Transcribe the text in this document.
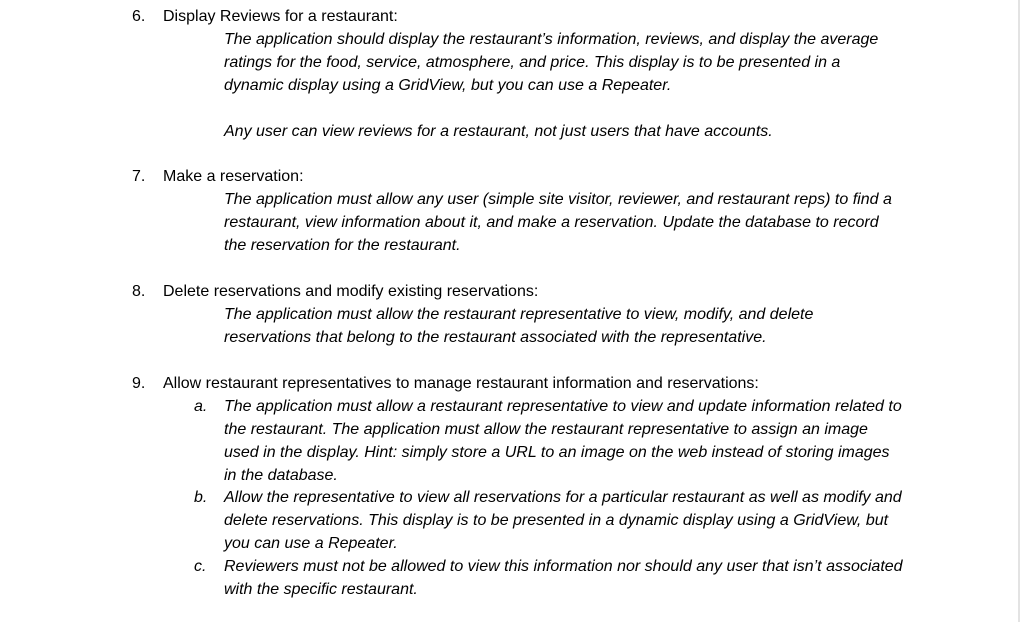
6. Display Reviews for a restaurant:
The application should display the restaurant’s information, reviews, and display the average ratings for the food, service, atmosphere, and price. This display is to be presented in a dynamic display using a GridView, but you can use a Repeater.
Any user can view reviews for a restaurant, not just users that have accounts.
7. Make a reservation:
The application must allow any user (simple site visitor, reviewer, and restaurant reps) to find a restaurant, view information about it, and make a reservation. Update the database to record the reservation for the restaurant.
8. Delete reservations and modify existing reservations:
The application must allow the restaurant representative to view, modify, and delete reservations that belong to the restaurant associated with the representative.
9. Allow restaurant representatives to manage restaurant information and reservations:
a. The application must allow a restaurant representative to view and update information related to the restaurant. The application must allow the restaurant representative to assign an image used in the display. Hint: simply store a URL to an image on the web instead of storing images in the database.
b. Allow the representative to view all reservations for a particular restaurant as well as modify and delete reservations. This display is to be presented in a dynamic display using a GridView, but you can use a Repeater.
c. Reviewers must not be allowed to view this information nor should any user that isn’t associated with the specific restaurant.
